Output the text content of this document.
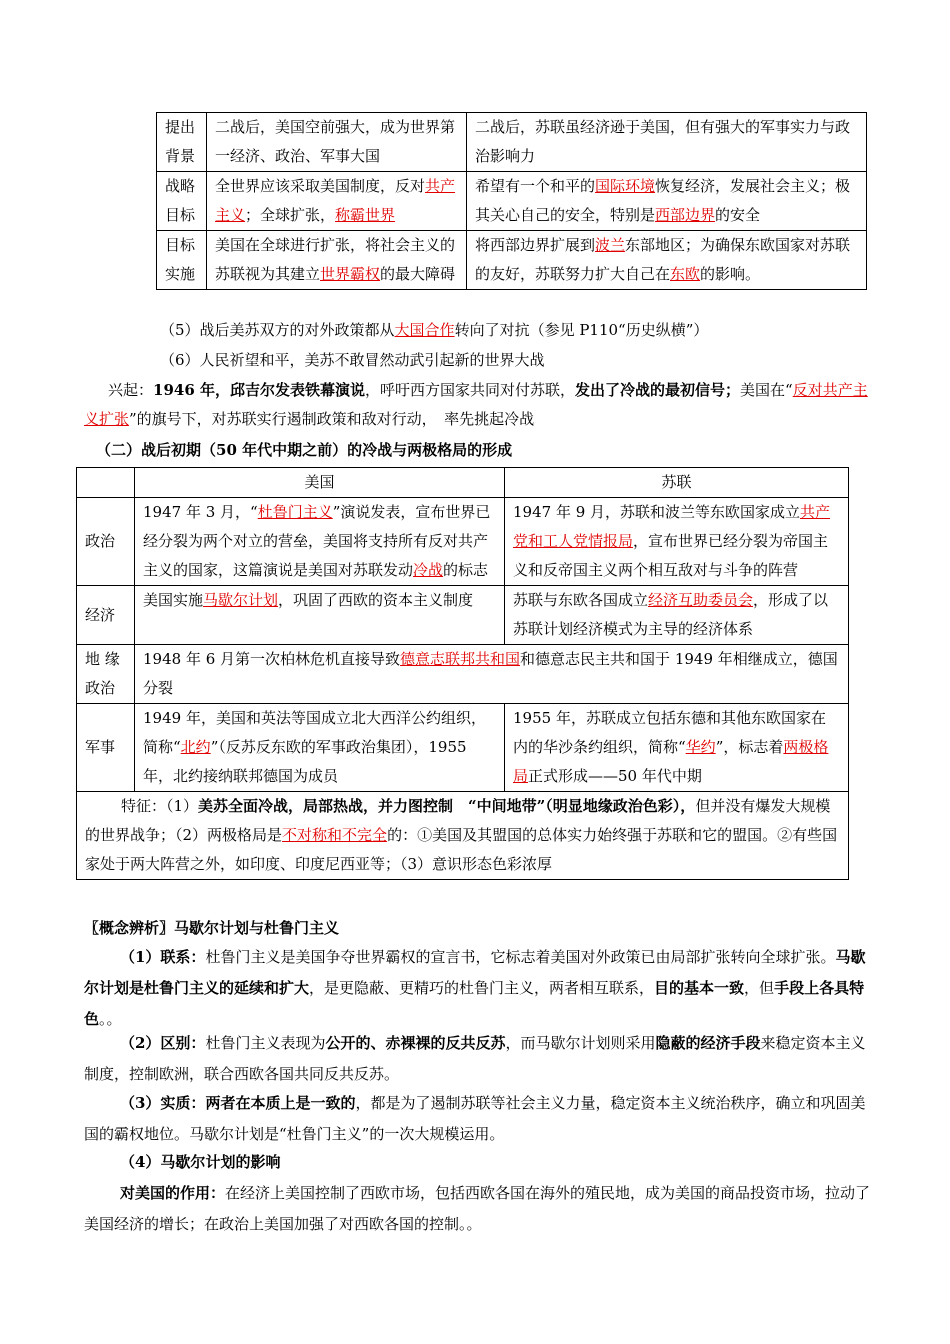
提出背景	二战后，美国空前强大，成为世界第一经济、政治、军事大国	二战后，苏联虽经济逊于美国，但有强大的军事实力与政治影响力
战略目标	全世界应该采取美国制度，反对共产主义；全球扩张，称霸世界	希望有一个和平的国际环境恢复经济，发展社会主义；极其关心自己的安全，特别是西部边界的安全
目标实施	美国在全球进行扩张，将社会主义的苏联视为其建立世界霸权的最大障碍	将西部边界扩展到波兰东部地区；为确保东欧国家对苏联的友好，苏联努力扩大自己在东欧的影响。
（5）战后美苏双方的对外政策都从大国合作转向了对抗（参见 P110“历史纵横”）
（6）人民祈望和平，美苏不敢冒然动武引起新的世界大战
兴起：1946 年，邱吉尔发表铁幕演说，呼吁西方国家共同对付苏联，发出了冷战的最初信号；美国在“反对共产主义扩张”的旗号下，对苏联实行遏制政策和敌对行动，　率先挑起冷战
（二）战后初期（50 年代中期之前）的冷战与两极格局的形成
	美国	苏联
政治	1947 年 3 月，“杜鲁门主义”演说发表，宣布世界已经分裂为两个对立的营垒，美国将支持所有反对共产主义的国家，这篇演说是美国对苏联发动冷战的标志	1947 年 9 月，苏联和波兰等东欧国家成立共产党和工人党情报局，宣布世界已经分裂为帝国主义和反帝国主义两个相互敌对与斗争的阵营
经济	美国实施马歇尔计划，巩固了西欧的资本主义制度	苏联与东欧各国成立经济互助委员会，形成了以苏联计划经济模式为主导的经济体系
地 缘政治	1948 年 6 月第一次柏林危机直接导致德意志联邦共和国和德意志民主共和国于 1949 年相继成立，德国分裂	
军事	1949 年，美国和英法等国成立北大西洋公约组织，简称“北约”（反苏反东欧的军事政治集团），1955 年，北约接纳联邦德国为成员	1955 年，苏联成立包括东德和其他东欧国家在内的华沙条约组织，简称“华约”，标志着两极格局正式形成——50 年代中期
特征：（1）美苏全面冷战，局部热战，并力图控制　“中间地带”（明显地缘政治色彩），但并没有爆发大规模的世界战争；（2）两极格局是不对称和不完全的：①美国及其盟国的总体实力始终强于苏联和它的盟国。②有些国家处于两大阵营之外，如印度、印度尼西亚等；（3）意识形态色彩浓厚		
〖概念辨析〗马歇尔计划与杜鲁门主义
（1）联系：杜鲁门主义是美国争夺世界霸权的宣言书，它标志着美国对外政策已由局部扩张转向全球扩张。马歇尔计划是杜鲁门主义的延续和扩大，是更隐蔽、更精巧的杜鲁门主义，两者相互联系，目的基本一致，但手段上各具特色。。
（2）区别：杜鲁门主义表现为公开的、赤裸裸的反共反苏，而马歇尔计划则采用隐蔽的经济手段来稳定资本主义制度，控制欧洲，联合西欧各国共同反共反苏。
（3）实质：两者在本质上是一致的，都是为了遏制苏联等社会主义力量，稳定资本主义统治秩序，确立和巩固美国的霸权地位。马歇尔计划是“杜鲁门主义”的一次大规模运用。
（4）马歇尔计划的影响
对美国的作用：在经济上美国控制了西欧市场，包括西欧各国在海外的殖民地，成为美国的商品投资市场，拉动了美国经济的增长；在政治上美国加强了对西欧各国的控制。。
